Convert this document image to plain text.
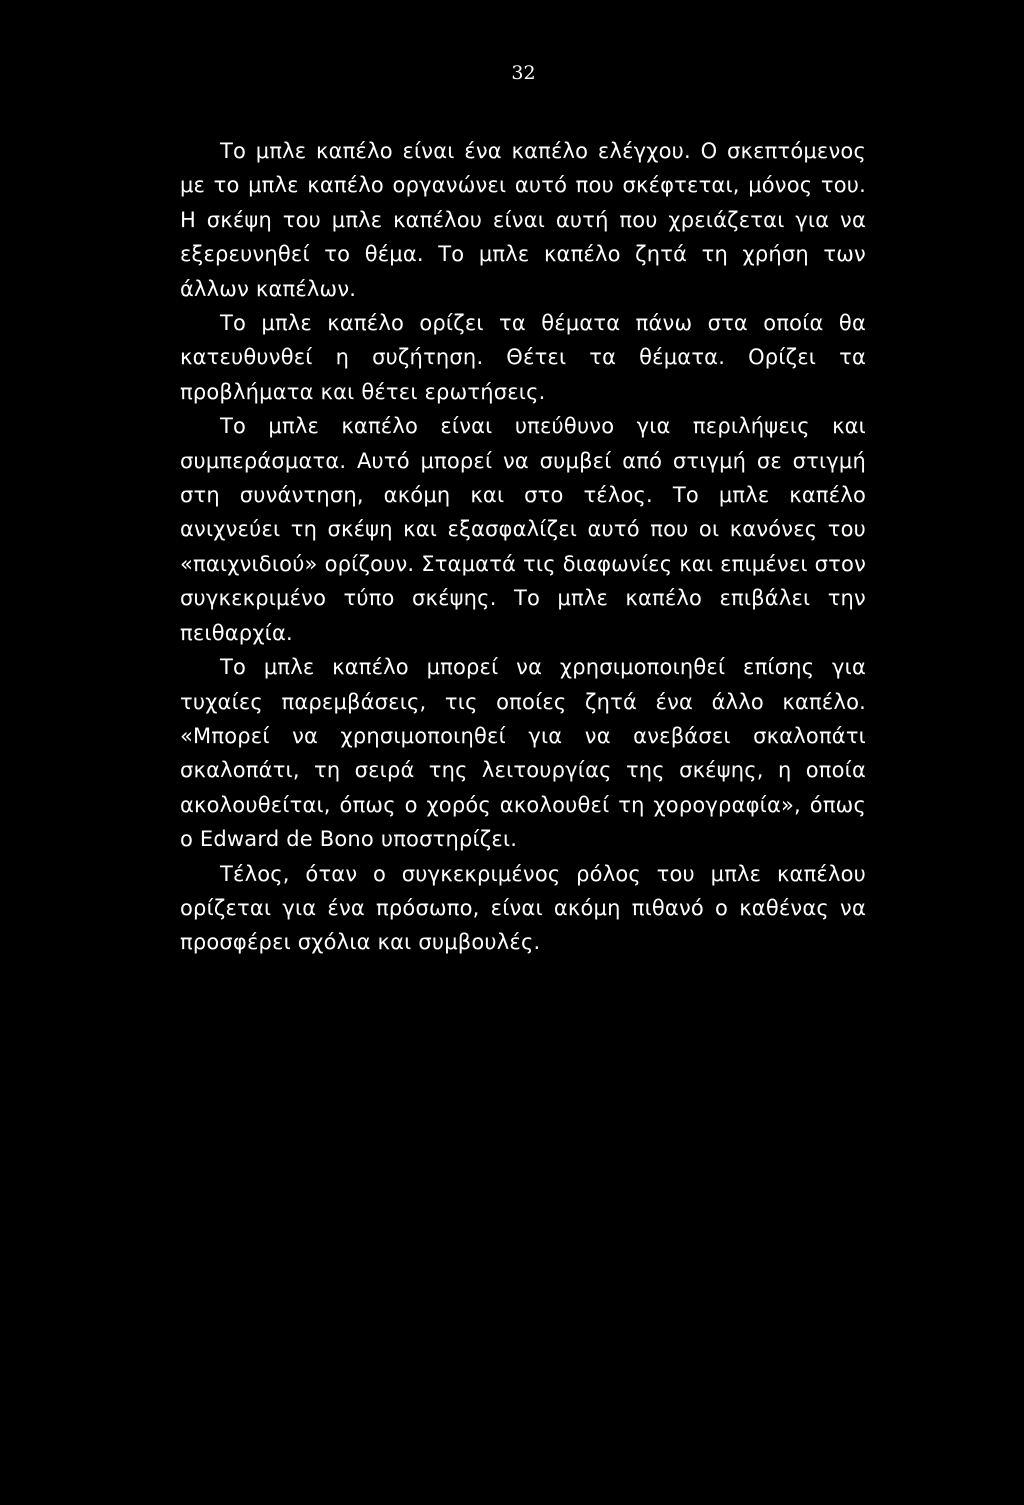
32

Το μπλε καπέλο είναι ένα καπέλο ελέγχου. Ο σκεπτόμενος με το μπλε καπέλο οργανώνει αυτό που σκέφτεται, μόνος του. Η σκέψη του μπλε καπέλου είναι αυτή που χρειάζεται για να εξερευνηθεί το θέμα. Το μπλε καπέλο ζητά τη χρήση των άλλων καπέλων.

Το μπλε καπέλο ορίζει τα θέματα πάνω στα οποία θα κατευθυνθεί η συζήτηση. Θέτει τα θέματα. Ορίζει τα προβλήματα και θέτει ερωτήσεις.

Το μπλε καπέλο είναι υπεύθυνο για περιλήψεις και συμπεράσματα. Αυτό μπορεί να συμβεί από στιγμή σε στιγμή στη συνάντηση, ακόμη και στο τέλος. Το μπλε καπέλο ανιχνεύει τη σκέψη και εξασφαλίζει αυτό που οι κανόνες του «παιχνιδιού» ορίζουν. Σταματά τις διαφωνίες και επιμένει στον συγκεκριμένο τύπο σκέψης. Το μπλε καπέλο επιβάλει την πειθαρχία.

Το μπλε καπέλο μπορεί να χρησιμοποιηθεί επίσης για τυχαίες παρεμβάσεις, τις οποίες ζητά ένα άλλο καπέλο. «Μπορεί να χρησιμοποιηθεί για να ανεβάσει σκαλοπάτι σκαλοπάτι, τη σειρά της λειτουργίας της σκέψης, η οποία ακολουθείται, όπως ο χορός ακολουθεί τη χορογραφία», όπως ο Edward de Bono υποστηρίζει.

Τέλος, όταν ο συγκεκριμένος ρόλος του μπλε καπέλου ορίζεται για ένα πρόσωπο, είναι ακόμη πιθανό ο καθένας να προσφέρει σχόλια και συμβουλές.
